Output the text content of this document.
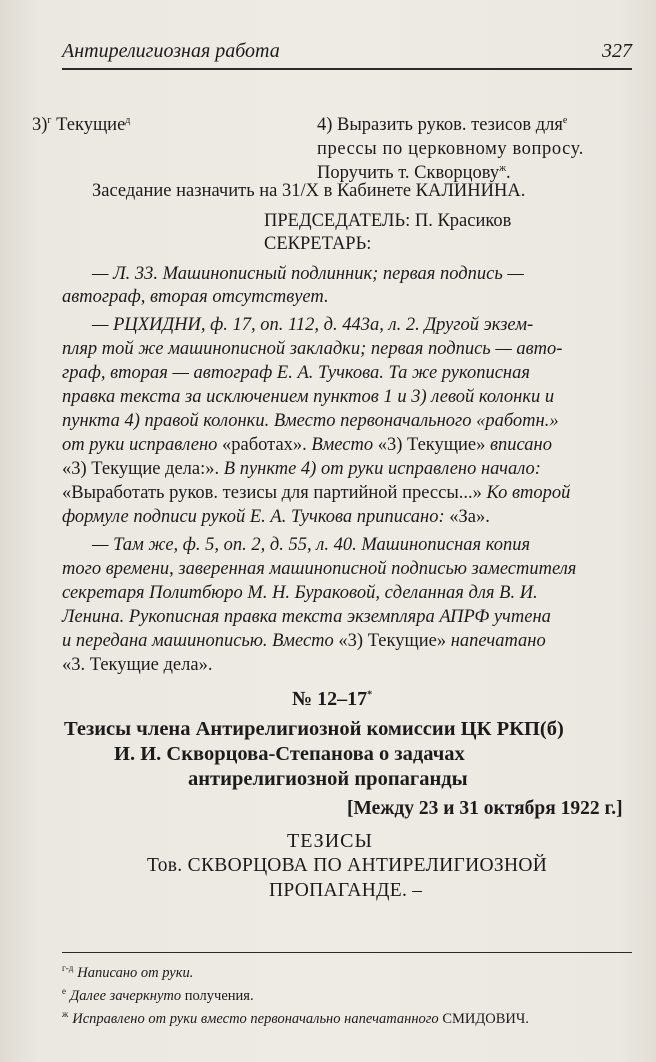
Антирелигиозная работа	327
3)$^г$ Текущие$^д$	4) Выразить руков. тезисов для$^е$
прессы по церковному вопросу.
Поручить т. Скворцову$^ж$.
Заседание назначить на 31/X в Кабинете КАЛИНИНА.
ПРЕДСЕДАТЕЛЬ: П. Красиков
СЕКРЕТАРЬ:
— Л. 33. Машинописный подлинник; первая подпись —
автограф, вторая отсутствует.
— РЦХИДНИ, ф. 17, оп. 112, д. 443а, л. 2. Другой экзем-
пляр той же машинописной закладки; первая подпись — авто-
граф, вторая — автограф Е. А. Тучкова. Та же рукописная
правка текста за исключением пунктов 1 и 3) левой колонки и
пункта 4) правой колонки. Вместо первоначального «работн.»
от руки исправлено «работах». Вместо «3) Текущие» вписано
«3) Текущие дела:». В пункте 4) от руки исправлено начало:
«Выработать руков. тезисы для партийной прессы...» Ко второй
формуле подписи рукой Е. А. Тучкова приписано: «За».
— Там же, ф. 5, оп. 2, д. 55, л. 40. Машинописная копия
того времени, заверенная машинописной подписью заместителя
секретаря Политбюро М. Н. Бураковой, сделанная для В. И.
Ленина. Рукописная правка текста экземпляра АПРФ учтена
и передана машинописью. Вместо «3) Текущие» напечатано
«3. Текущие дела».
№ 12–17*
Тезисы члена Антирелигиозной комиссии ЦК РКП(б)
И. И. Скворцова-Степанова о задачах
антирелигиозной пропаганды
[Между 23 и 31 октября 1922 г.]
ТЕЗИСЫ
Тов. СКВОРЦОВА ПО АНТИРЕЛИГИОЗНОЙ
ПРОПАГАНДЕ. –
$^{г-д}$ Написано от руки.
$^е$ Далее зачеркнуто получения.
$^ж$ Исправлено от руки вместо первоначально напечатанного СМИДОВИЧ.
